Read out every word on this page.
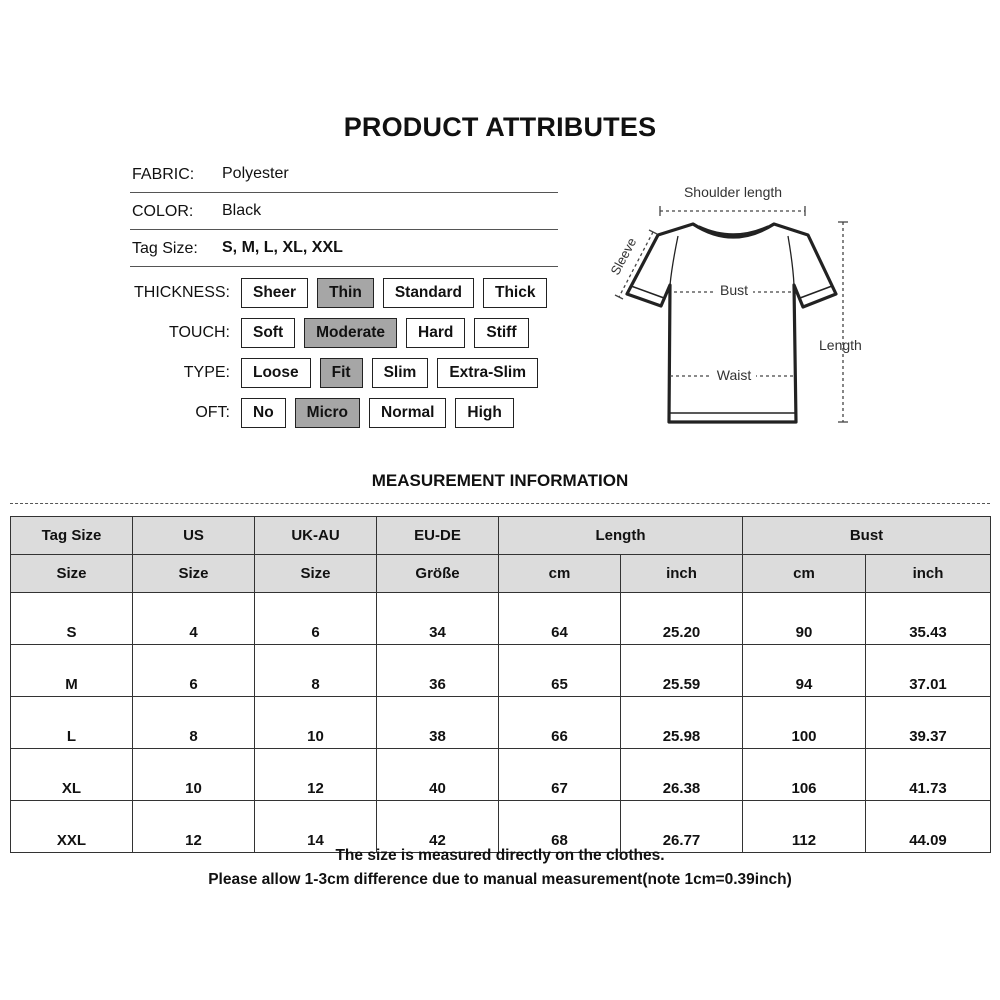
PRODUCT ATTRIBUTES
FABRIC: Polyester
COLOR: Black
Tag Size: S, M, L, XL, XXL
THICKNESS:	Sheer	Thin	Standard	Thick
TOUCH:	Soft	Moderate	Hard	Stiff
TYPE:	Loose	Fit	Slim	Extra-Slim
OFT:	No	Micro	Normal	High
Shoulder length
Sleeve
Bust
Waist
Length
MEASUREMENT INFORMATION
Tag Size	US	UK-AU	EU-DE	Length		Bust	
Size	Size	Size	Größe	cm	inch	cm	inch
S	4	6	34	64	25.20	90	35.43
M	6	8	36	65	25.59	94	37.01
L	8	10	38	66	25.98	100	39.37
XL	10	12	40	67	26.38	106	41.73
XXL	12	14	42	68	26.77	112	44.09
The size is measured directly on the clothes.
Please allow 1-3cm difference due to manual measurement(note 1cm=0.39inch)
